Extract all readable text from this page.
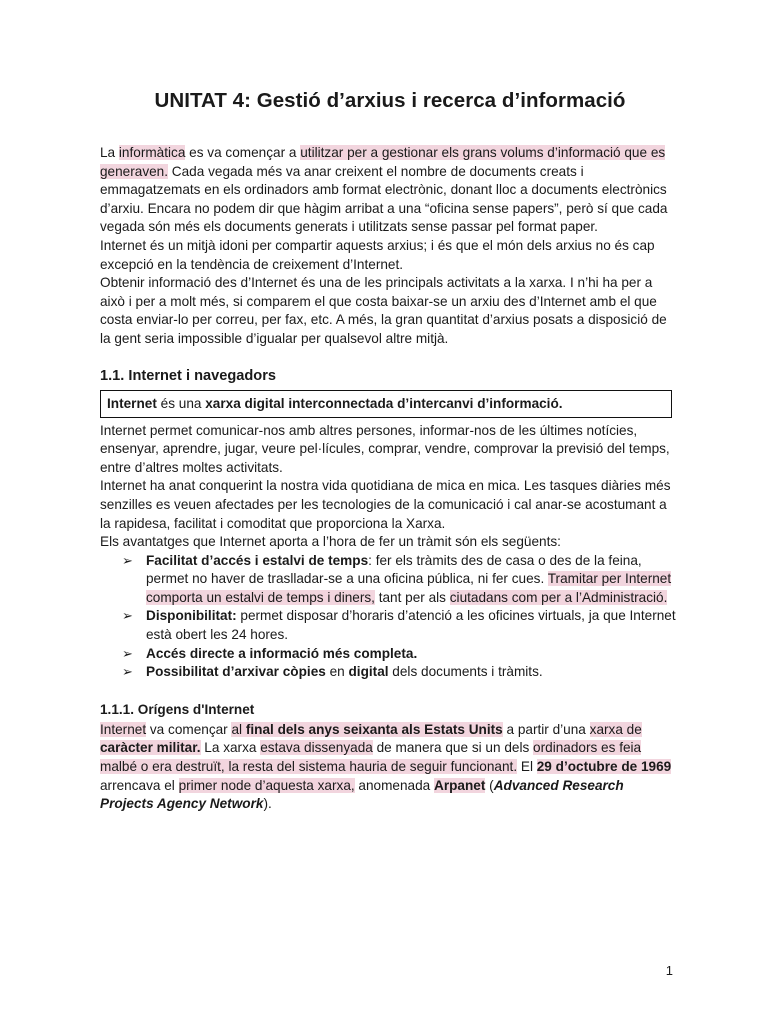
UNITAT 4: Gestió d’arxius i recerca d’informació

La informàtica es va començar a utilitzar per a gestionar els grans volums d’informació que es generaven. Cada vegada més va anar creixent el nombre de documents creats i emmagatzemats en els ordinadors amb format electrònic, donant lloc a documents electrònics d’arxiu. Encara no podem dir que hàgim arribat a una “oficina sense papers”, però sí que cada vegada són més els documents generats i utilitzats sense passar pel format paper.

Internet és un mitjà idoni per compartir aquests arxius; i és que el món dels arxius no és cap excepció en la tendència de creixement d’Internet.

Obtenir informació des d’Internet és una de les principals activitats a la xarxa. I n’hi ha per a això i per a molt més, si comparem el que costa baixar-se un arxiu des d’Internet amb el que costa enviar-lo per correu, per fax, etc. A més, la gran quantitat d’arxius posats a disposició de la gent seria impossible d’igualar per qualsevol altre mitjà.

1.1. Internet i navegadors
Internet és una xarxa digital interconnectada d’intercanvi d’informació.

Internet permet comunicar-nos amb altres persones, informar-nos de les últimes notícies, ensenyar, aprendre, jugar, veure pel·lícules, comprar, vendre, comprovar la previsió del temps, entre d’altres moltes activitats.

Internet ha anat conquerint la nostra vida quotidiana de mica en mica. Les tasques diàries més senzilles es veuen afectades per les tecnologies de la comunicació i cal anar-se acostumant a la rapidesa, facilitat i comoditat que proporciona la Xarxa.

Els avantatges que Internet aporta a l’hora de fer un tràmit són els següents:

➢ Facilitat d’accés i estalvi de temps: fer els tràmits des de casa o des de la feina, permet no haver de traslladar-se a una oficina pública, ni fer cues. Tramitar per Internet comporta un estalvi de temps i diners, tant per als ciutadans com per a l’Administració.
➢ Disponibilitat: permet disposar d’horaris d’atenció a les oficines virtuals, ja que Internet està obert les 24 hores.
➢ Accés directe a informació més completa.
➢ Possibilitat d’arxivar còpies en digital dels documents i tràmits.
1.1.1. Orígens d'Internet

Internet va començar al final dels anys seixanta als Estats Units a partir d’una xarxa de caràcter militar. La xarxa estava dissenyada de manera que si un dels ordinadors es feia malbé o era destruït, la resta del sistema hauria de seguir funcionant. El 29 d’octubre de 1969 arrencava el primer node d’aquesta xarxa, anomenada Arpanet (Advanced Research Projects Agency Network).

1
